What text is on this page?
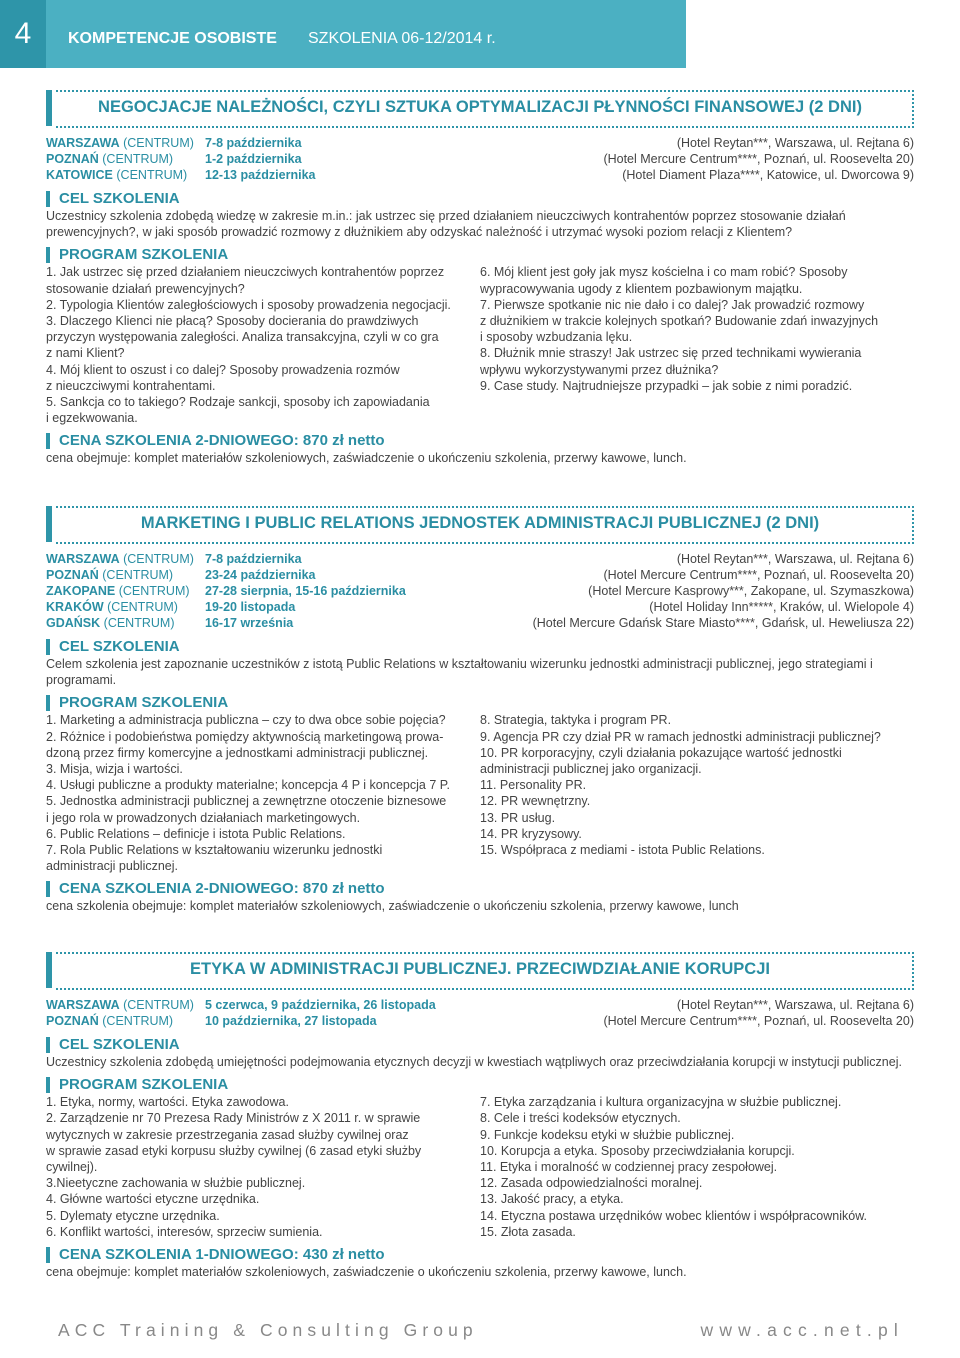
4	KOMPETENCJE OSOBISTE SZKOLENIA 06-12/2014 r.
NEGOCJACJE NALEŻNOŚCI, CZYLI SZTUKA OPTYMALIZACJI PŁYNNOŚCI FINANSOWEJ (2 DNI)
WARSZAWA (CENTRUM) 7-8 października	(Hotel Reytan***, Warszawa, ul. Rejtana 6)
POZNAŃ (CENTRUM)	1-2 października	(Hotel Mercure Centrum****, Poznań, ul. Roosevelta 20)
KATOWICE (CENTRUM) 12-13 października	(Hotel Diament Plaza****, Katowice, ul. Dworcowa 9)
CEL SZKOLENIA

Uczestnicy szkolenia zdobędą wiedzę w zakresie m.in.: jak ustrzec się przed działaniem nieuczciwych kontrahentów poprzez stosowanie działań prewencyjnych?, w jaki sposób prowadzić rozmowy z dłużnikiem aby odzyskać należność i utrzymać wysoki poziom relacji z Klientem?

PROGRAM SZKOLENIA
1. Jak ustrzec się przed działaniem nieuczciwych kontrahentów poprzez
stosowanie działań prewencyjnych?
2. Typologia Klientów zaległościowych i sposoby prowadzenia negocjacji.
3. Dlaczego Klienci nie płacą? Sposoby docierania do prawdziwych
przyczyn występowania zaległości. Analiza transakcyjna, czyli w co gra
z nami Klient?
4. Mój klient to oszust i co dalej? Sposoby prowadzenia rozmów
z nieuczciwymi kontrahentami.
5. Sankcja co to takiego? Rodzaje sankcji, sposoby ich zapowiadania
i egzekwowania.
6. Mój klient jest goły jak mysz kościelna i co mam robić? Sposoby
wypracowywania ugody z klientem pozbawionym majątku.
7. Pierwsze spotkanie nic nie dało i co dalej? Jak prowadzić rozmowy
z dłużnikiem w trakcie kolejnych spotkań? Budowanie zdań inwazyjnych
i sposoby wzbudzania lęku.
8. Dłużnik mnie straszy! Jak ustrzec się przed technikami wywierania
wpływu wykorzystywanymi przez dłużnika?
9. Case study. Najtrudniejsze przypadki – jak sobie z nimi poradzić.
CENA SZKOLENIA 2-DNIOWEGO: 870 zł netto

cena obejmuje: komplet materiałów szkoleniowych, zaświadczenie o ukończeniu szkolenia, przerwy kawowe, lunch.

MARKETING I PUBLIC RELATIONS JEDNOSTEK ADMINISTRACJI PUBLICZNEJ (2 DNI)
WARSZAWA (CENTRUM) 7-8 października	(Hotel Reytan***, Warszawa, ul. Rejtana 6)
POZNAŃ (CENTRUM)	23-24 października	(Hotel Mercure Centrum****, Poznań, ul. Roosevelta 20)
ZAKOPANE (CENTRUM) 27-28 sierpnia, 15-16 października	(Hotel Mercure Kasprowy***, Zakopane, ul. Szymaszkowa)
KRAKÓW (CENTRUM) 19-20 listopada	(Hotel Holiday Inn*****, Kraków, ul. Wielopole 4)
GDAŃSK (CENTRUM) 16-17 września	(Hotel Mercure Gdańsk Stare Miasto****, Gdańsk, ul. Heweliusza 22)
CEL SZKOLENIA

Celem szkolenia jest zapoznanie uczestników z istotą Public Relations w kształtowaniu wizerunku jednostki administracji publicznej, jego strategiami i programami.

PROGRAM SZKOLENIA
1. Marketing a administracja publiczna – czy to dwa obce sobie pojęcia?
2. Różnice i podobieństwa pomiędzy aktywnością marketingową prowa-
dzoną przez firmy komercyjne a jednostkami administracji publicznej.
3. Misja, wizja i wartości.
4. Usługi publiczne a produkty materialne; koncepcja 4 P i koncepcja 7 P.
5. Jednostka administracji publicznej a zewnętrzne otoczenie biznesowe
i jego rola w prowadzonych działaniach marketingowych.
6. Public Relations – definicje i istota Public Relations.
7. Rola Public Relations w kształtowaniu wizerunku jednostki
administracji publicznej.
8. Strategia, taktyka i program PR.
9. Agencja PR czy dział PR w ramach jednostki administracji publicznej?
10. PR korporacyjny, czyli działania pokazujące wartość jednostki
administracji publicznej jako organizacji.
11. Personality PR.
12. PR wewnętrzny.
13. PR usług.
14. PR kryzysowy.
15. Współpraca z mediami - istota Public Relations.
CENA SZKOLENIA 2-DNIOWEGO: 870 zł netto

cena szkolenia obejmuje: komplet materiałów szkoleniowych, zaświadczenie o ukończeniu szkolenia, przerwy kawowe, lunch

ETYKA W ADMINISTRACJI PUBLICZNEJ. PRZECIWDZIAŁANIE KORUPCJI
WARSZAWA (CENTRUM) 5 czerwca, 9 października, 26 listopada	(Hotel Reytan***, Warszawa, ul. Rejtana 6)
POZNAŃ (CENTRUM)	10 października, 27 listopada	(Hotel Mercure Centrum****, Poznań, ul. Roosevelta 20)
CEL SZKOLENIA

Uczestnicy szkolenia zdobędą umiejętności podejmowania etycznych decyzji w kwestiach wątpliwych oraz przeciwdziałania korupcji w instytucji publicznej.

PROGRAM SZKOLENIA
1. Etyka, normy, wartości. Etyka zawodowa.
2. Zarządzenie nr 70 Prezesa Rady Ministrów z X 2011 r. w sprawie
wytycznych w zakresie przestrzegania zasad służby cywilnej oraz
w sprawie zasad etyki korpusu służby cywilnej (6 zasad etyki służby
cywilnej).
3.Nieetyczne zachowania w służbie publicznej.
4. Główne wartości etyczne urzędnika.
5. Dylematy etyczne urzędnika.
6. Konflikt wartości, interesów, sprzeciw sumienia.
7. Etyka zarządzania i kultura organizacyjna w służbie publicznej.
8. Cele i treści kodeksów etycznych.
9. Funkcje kodeksu etyki w służbie publicznej.
10. Korupcja a etyka. Sposoby przeciwdziałania korupcji.
11. Etyka i moralność w codziennej pracy zespołowej.
12. Zasada odpowiedzialności moralnej.
13. Jakość pracy, a etyka.
14. Etyczna postawa urzędników wobec klientów i współpracowników.
15. Złota zasada.
CENA SZKOLENIA 1-DNIOWEGO: 430 zł netto

cena obejmuje: komplet materiałów szkoleniowych, zaświadczenie o ukończeniu szkolenia, przerwy kawowe, lunch.

ACC Training & Consulting Group	www.acc.net.pl
